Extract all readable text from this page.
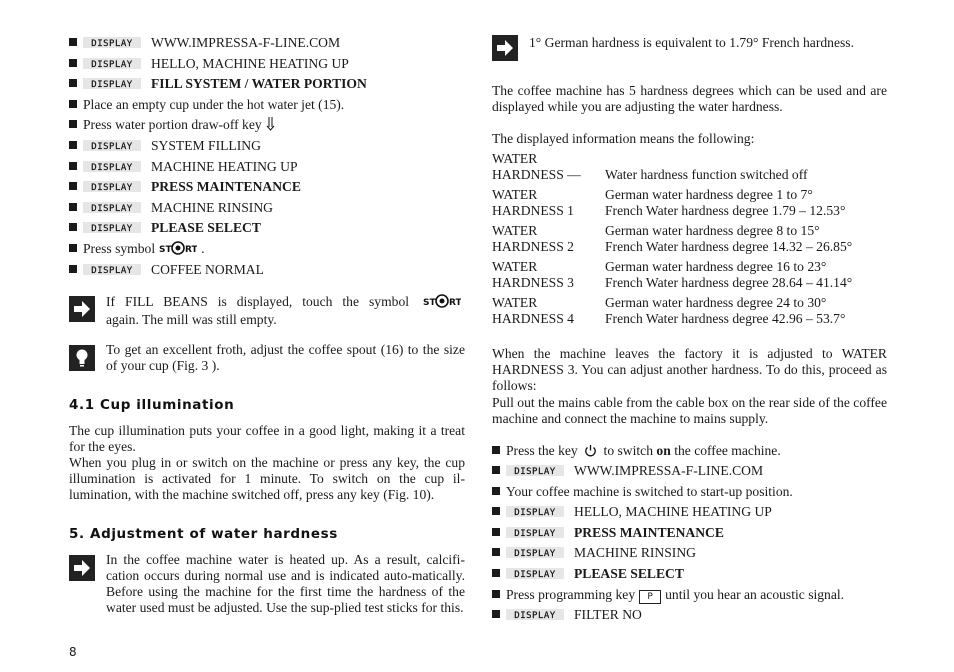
DISPLAY WWW.IMPRESSA-F-LINE.COM
DISPLAY HELLO, MACHINE HEATING UP
DISPLAY FILL SYSTEM / WATER PORTION
Place an empty cup under the hot water jet (15).
Press water portion draw-off key
DISPLAY SYSTEM FILLING
DISPLAY MACHINE HEATING UP
DISPLAY PRESS MAINTENANCE
DISPLAY MACHINE RINSING
DISPLAY PLEASE SELECT
Press symbol ST RT .
DISPLAY COFFEE NORMAL
If FILL BEANS is displayed, touch the symbol ST RT
again. The mill was still empty.
To get an excellent froth, adjust the coffee spout (16) to the size of your cup (Fig. 3 ).
4.1 Cup illumination
The cup illumination puts your coffee in a good light, making it a treat for the eyes.
When you plug in or switch on the machine or press any key, the cup illumination is activated for 1 minute. To switch on the cup il-lumination, with the machine switched off, press any key (Fig. 10).
5. Adjustment of water hardness
In the coffee machine water is heated up. As a result, calcifi-cation occurs during normal use and is indicated auto-matically. Before using the machine for the first time the hardness of the water used must be adjusted. Use the sup-plied test sticks for this.
1° German hardness is equivalent to 1.79° French hardness.
The coffee machine has 5 hardness degrees which can be used and are displayed while you are adjusting the water hardness.
The displayed information means the following:
WATER
HARDNESS —	Water hardness function switched off
WATER
HARDNESS 1
German water hardness degree 1 to 7°
French Water hardness degree 1.79 – 12.53°
WATER
HARDNESS 2
German water hardness degree 8 to 15°
French Water hardness degree 14.32 – 26.85°
WATER
HARDNESS 3
German water hardness degree 16 to 23°
French Water hardness degree 28.64 – 41.14°
WATER
HARDNESS 4
German water hardness degree 24 to 30°
French Water hardness degree 42.96 – 53.7°
When the machine leaves the factory it is adjusted to WATER HARDNESS 3. You can adjust another hardness. To do this, proceed as follows:
Pull out the mains cable from the cable box on the rear side of the coffee machine and connect the machine to mains supply.
Press the key to switch on the coffee machine.
DISPLAY WWW.IMPRESSA-F-LINE.COM
Your coffee machine is switched to start-up position.
DISPLAY HELLO, MACHINE HEATING UP
DISPLAY PRESS MAINTENANCE
DISPLAY MACHINE RINSING
DISPLAY PLEASE SELECT
Press programming key P until you hear an acoustic signal.
DISPLAY FILTER NO
8
